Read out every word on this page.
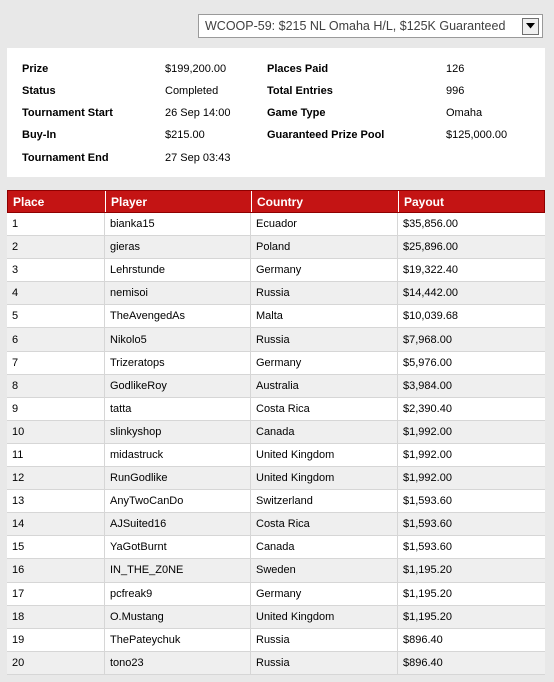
WCOOP-59: $215 NL Omaha H/L, $125K Guaranteed
Prize	$199,200.00	Places Paid	126
Status	Completed	Total Entries	996
Tournament Start	26 Sep 14:00	Game Type	Omaha
Buy-In	$215.00	Guaranteed Prize Pool	$125,000.00
Tournament End	27 Sep 03:43
Place	Player	Country	Payout
1	bianka15	Ecuador	$35,856.00
2	gieras	Poland	$25,896.00
3	Lehrstunde	Germany	$19,322.40
4	nemisoi	Russia	$14,442.00
5	TheAvengedAs	Malta	$10,039.68
6	Nikolo5	Russia	$7,968.00
7	Trizeratops	Germany	$5,976.00
8	GodlikeRoy	Australia	$3,984.00
9	tatta	Costa Rica	$2,390.40
10	slinkyshop	Canada	$1,992.00
11	midastruck	United Kingdom	$1,992.00
12	RunGodlike	United Kingdom	$1,992.00
13	AnyTwoCanDo	Switzerland	$1,593.60
14	AJSuited16	Costa Rica	$1,593.60
15	YaGotBurnt	Canada	$1,593.60
16	IN_THE_Z0NE	Sweden	$1,195.20
17	pcfreak9	Germany	$1,195.20
18	O.Mustang	United Kingdom	$1,195.20
19	ThePateychuk	Russia	$896.40
20	tono23	Russia	$896.40
